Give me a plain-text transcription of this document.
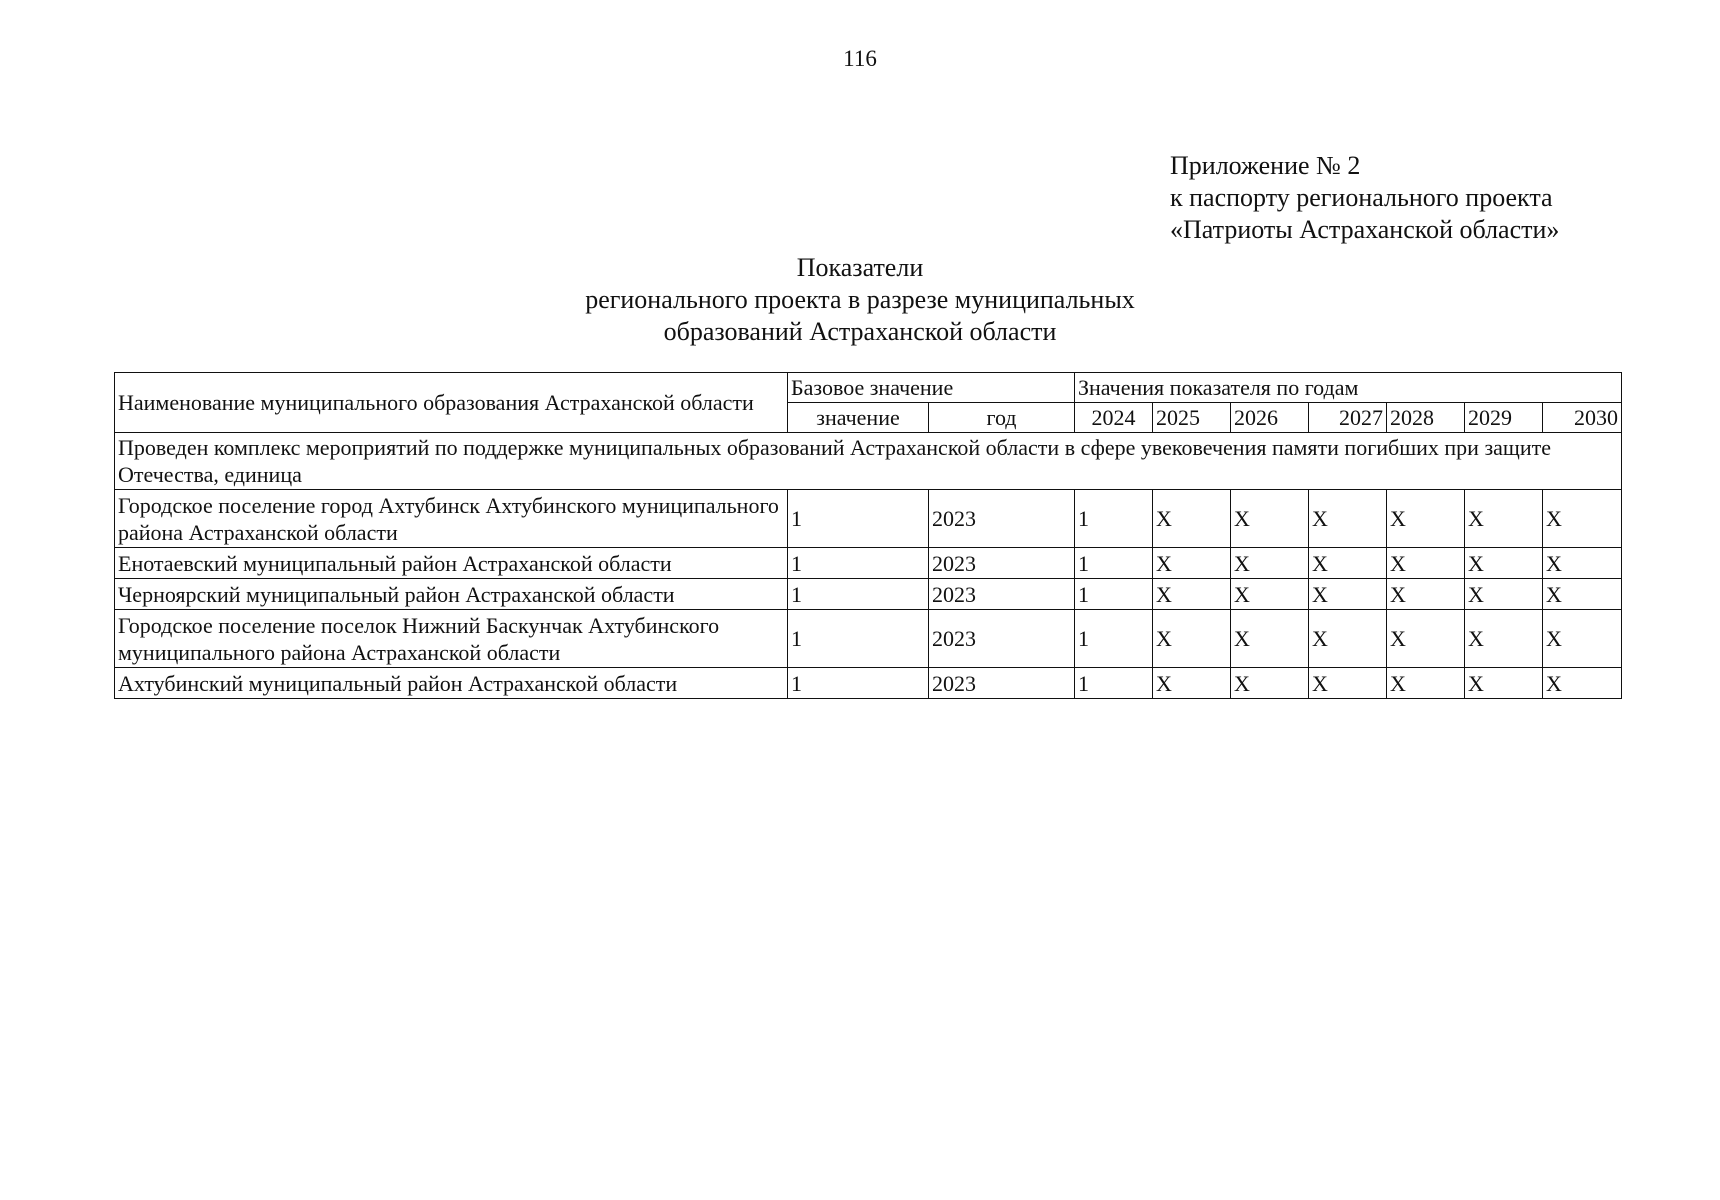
116
Приложение № 2
к паспорту регионального проекта
«Патриоты Астраханской области»
Показатели
регионального проекта в разрезе муниципальных
образований Астраханской области
Наименование муниципального образования Астраханской области	Базовое значение		Значения показателя по годам						
	значение	год	2024	2025	2026	2027	2028	2029	2030
Проведен комплекс мероприятий по поддержке муниципальных образований Астраханской области в сфере увековечения памяти погибших при защите Отечества, единица									
Городское поселение город Ахтубинск Ахтубинского муниципального района Астраханской области	1	2023	1	X	X	X	X	X	X
Енотаевский муниципальный район Астраханской области	1	2023	1	X	X	X	X	X	X
Черноярский муниципальный район Астраханской области	1	2023	1	X	X	X	X	X	X
Городское поселение поселок Нижний Баскунчак Ахтубинского муниципального района Астраханской области	1	2023	1	X	X	X	X	X	X
Ахтубинский муниципальный район Астраханской области	1	2023	1	X	X	X	X	X	X
